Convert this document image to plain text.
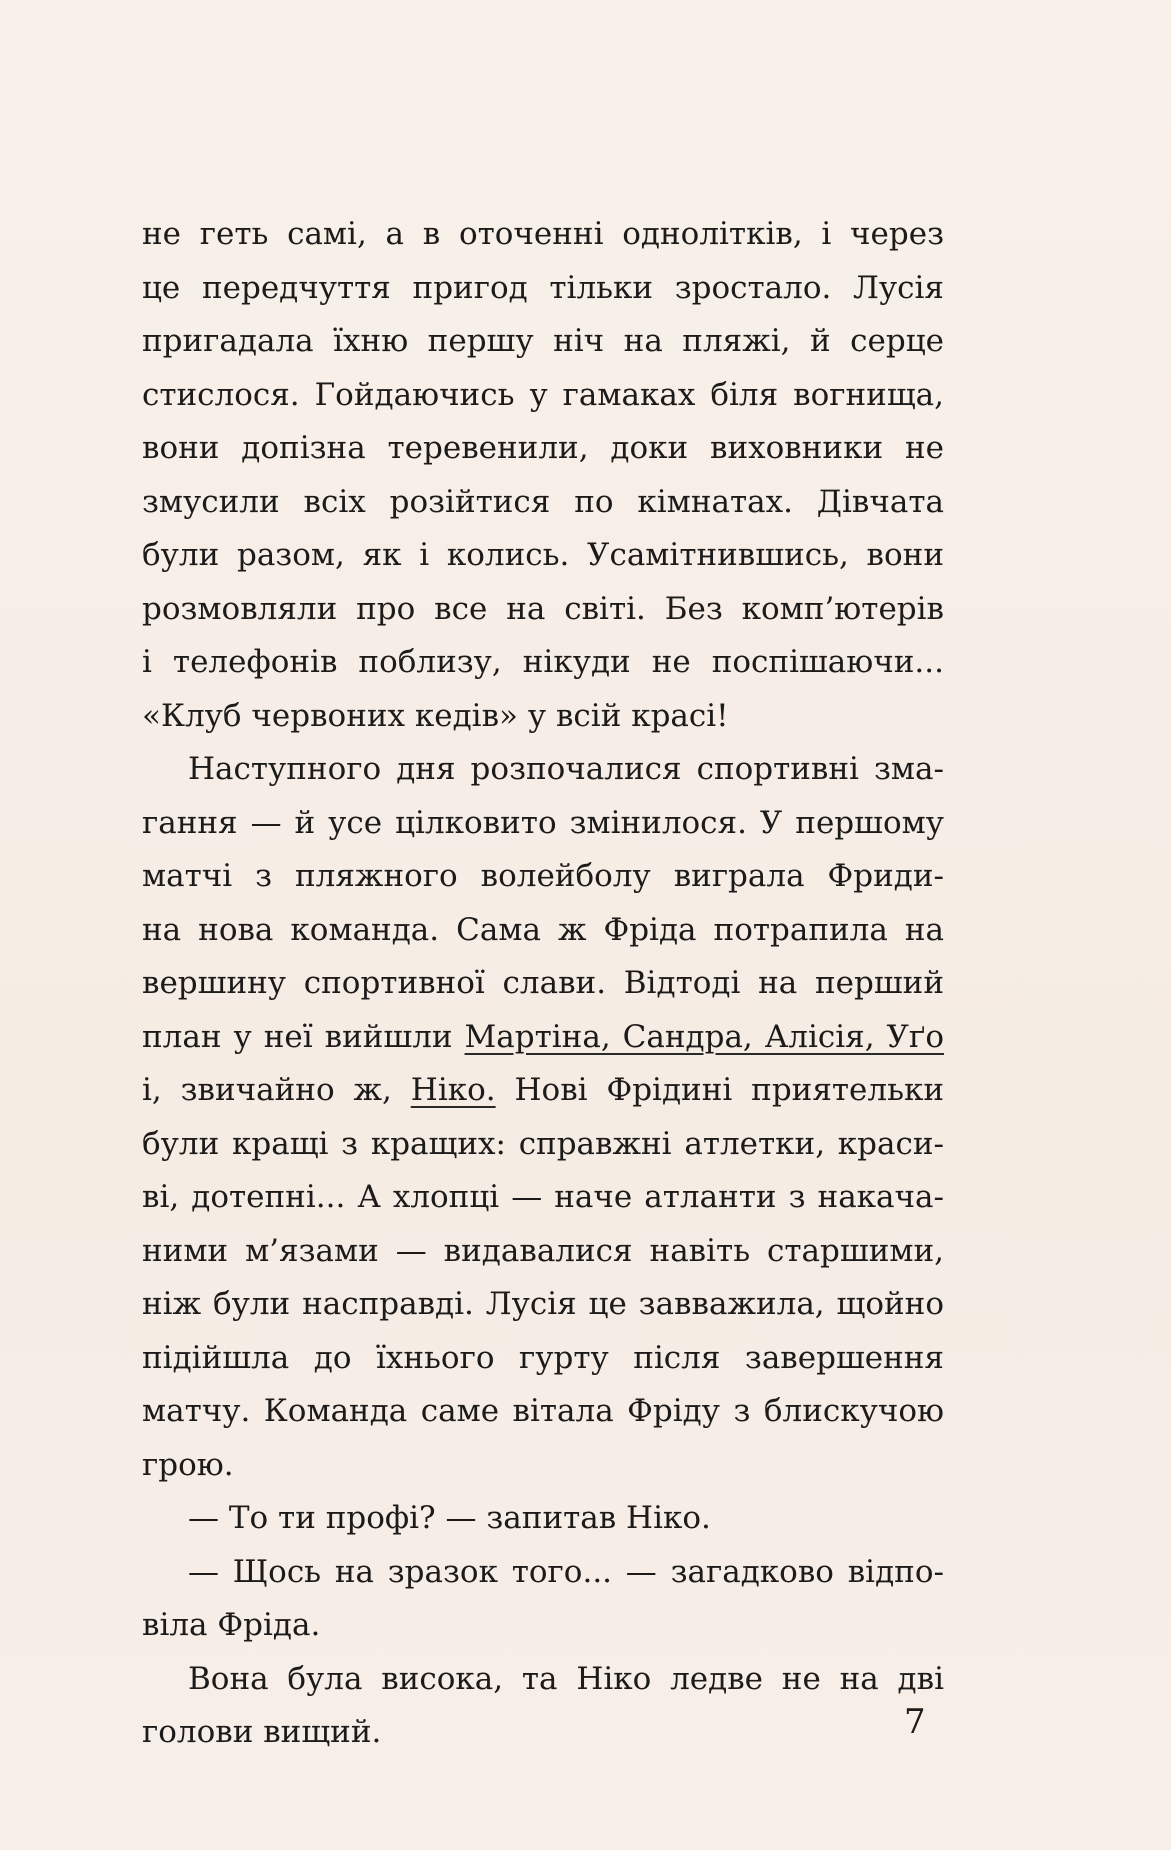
не геть самі, а в оточенні однолітків, і через
це передчуття пригод тільки зростало. Лусія
пригадала їхню першу ніч на пляжі, й серце
стислося. Гойдаючись у гамаках біля вогнища,
вони допізна теревенили, доки виховники не
змусили всіх розійтися по кімнатах. Дівчата
були разом, як і колись. Усамітнившись, вони
розмовляли про все на світі. Без комп’ютерів
і телефонів поблизу, нікуди не поспішаючи...
«Клуб червоних кедів» у всій красі!
Наступного дня розпочалися спортивні зма-
гання — й усе цілковито змінилося. У першому
матчі з пляжного волейболу виграла Фриди-
на нова команда. Сама ж Фріда потрапила на
вершину спортивної слави. Відтоді на перший
план у неї вийшли Мартіна, Сандра, Алісія, Уґо
і, звичайно ж, Ніко. Нові Фрідині приятельки
були кращі з кращих: справжні атлетки, краси-
ві, дотепні... А хлопці — наче атланти з накача-
ними м’язами — видавалися навіть старшими,
ніж були насправді. Лусія це завважила, щойно
підійшла до їхнього гурту після завершення
матчу. Команда саме вітала Фріду з блискучою
грою.
— То ти профі? — запитав Ніко.
— Щось на зразок того... — загадково відпо-
віла Фріда.
Вона була висока, та Ніко ледве не на дві
голови вищий.	7
